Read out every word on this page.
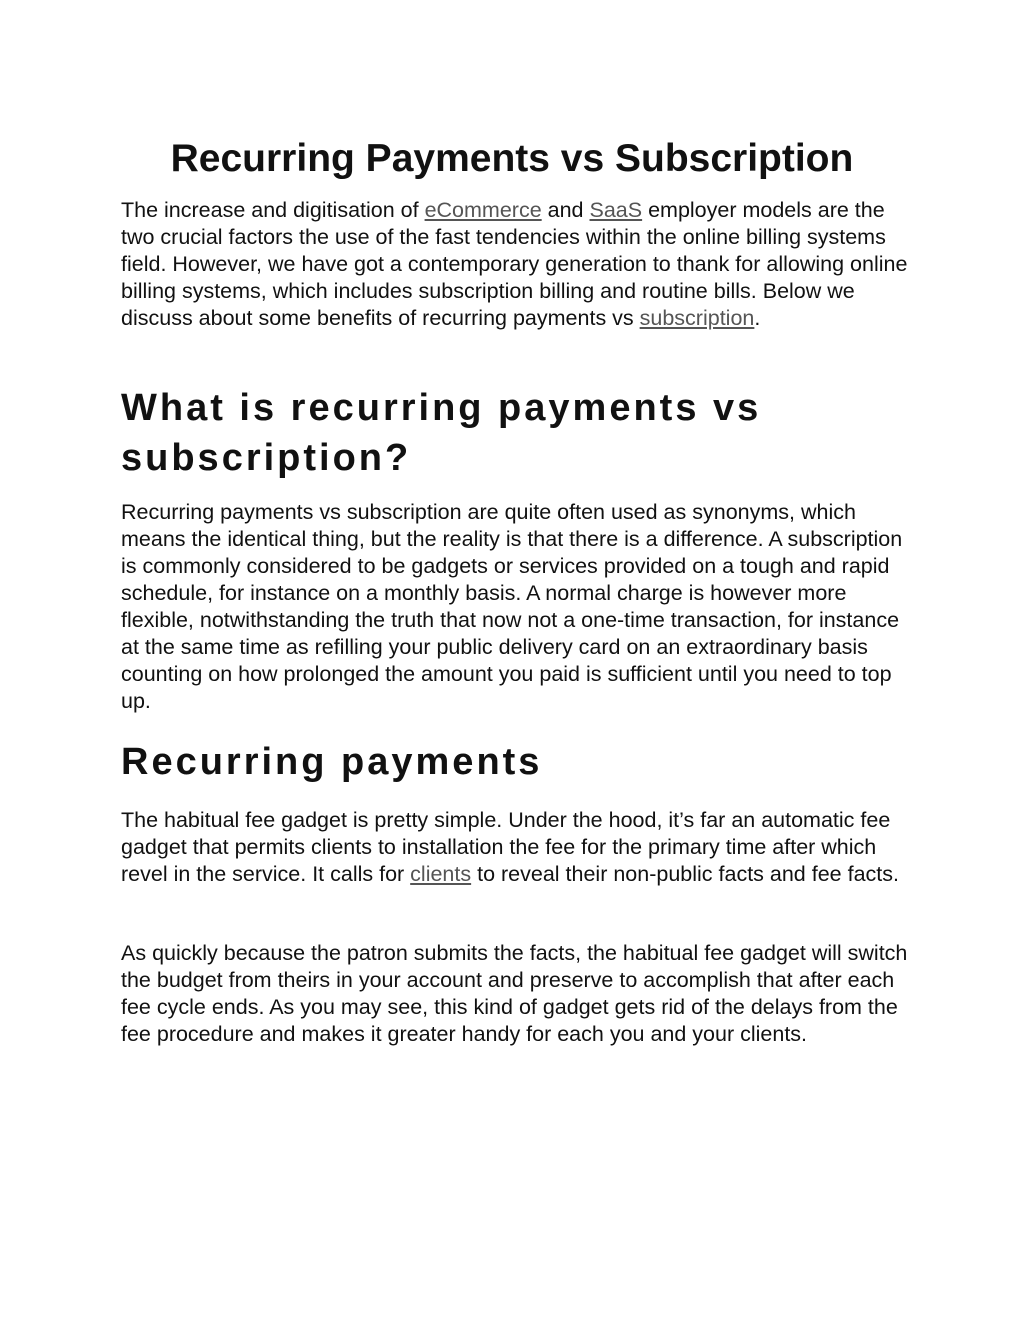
Recurring Payments vs Subscription

The increase and digitisation of eCommerce and SaaS employer models are the two crucial factors the use of the fast tendencies within the online billing systems field. However, we have got a contemporary generation to thank for allowing online billing systems, which includes subscription billing and routine bills. Below we discuss about some benefits of recurring payments vs subscription.

What is recurring payments vs subscription?

Recurring payments vs subscription are quite often used as synonyms, which means the identical thing, but the reality is that there is a difference. A subscription is commonly considered to be gadgets or services provided on a tough and rapid schedule, for instance on a monthly basis. A normal charge is however more flexible, notwithstanding the truth that now not a one-time transaction, for instance at the same time as refilling your public delivery card on an extraordinary basis counting on how prolonged the amount you paid is sufficient until you need to top up.

Recurring payments

The habitual fee gadget is pretty simple. Under the hood, it’s far an automatic fee gadget that permits clients to installation the fee for the primary time after which revel in the service. It calls for clients to reveal their non-public facts and fee facts.

As quickly because the patron submits the facts, the habitual fee gadget will switch the budget from theirs in your account and preserve to accomplish that after each fee cycle ends. As you may see, this kind of gadget gets rid of the delays from the fee procedure and makes it greater handy for each you and your clients.
